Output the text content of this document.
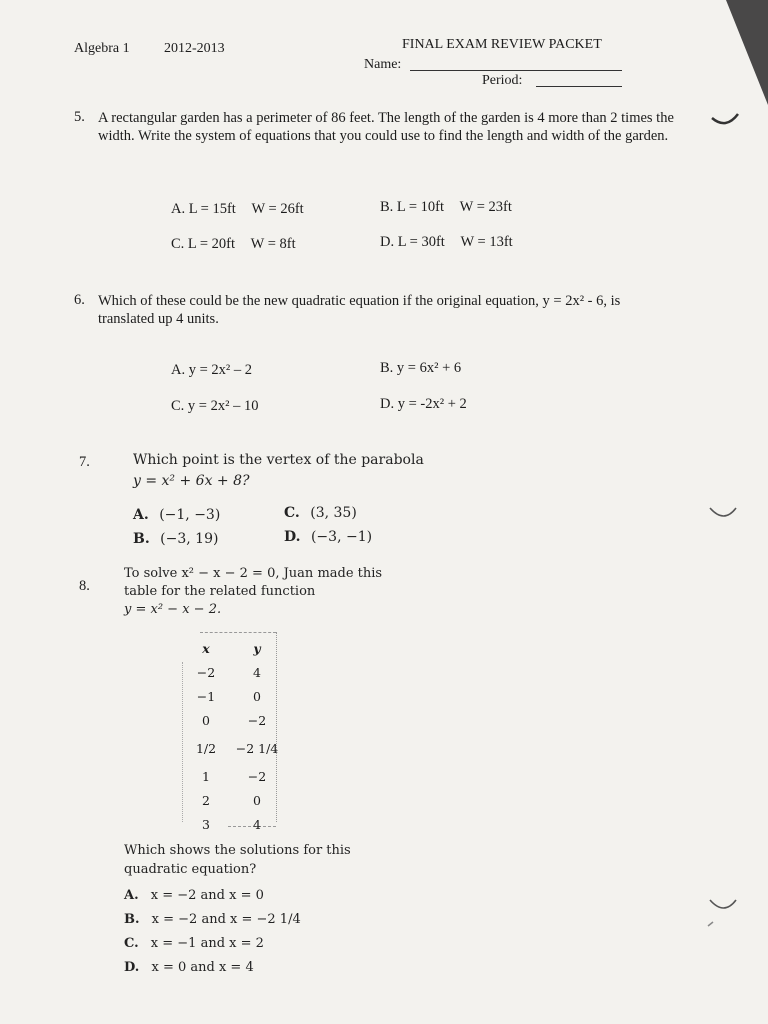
Algebra 1 2012-2013	FINAL EXAM REVIEW PACKET
Name:
Period:
5. A rectangular garden has a perimeter of 86 feet. The length of the garden is 4 more than 2 times the width. Write the system of equations that you could use to find the length and width of the garden.
A. L = 15ft W = 26ft	B. L = 10ft W = 23ft
C. L = 20ft W = 8ft	D. L = 30ft W = 13ft
6. Which of these could be the new quadratic equation if the original equation, y = 2x² - 6, is translated up 4 units.
A. y = 2x² – 2	B. y = 6x² + 6
C. y = 2x² – 10	D. y = -2x² + 2
7.	Which point is the vertex of the parabola
y = x² + 6x + 8?
A. (−1, −3)	C. (3, 35)
B. (−3, 19)	D. (−3, −1)
8.
To solve x² − x − 2 = 0, Juan made this
table for the related function
y = x² − x − 2.
x	y
−2	4
−1	0
0	−2
1/2	−2 1/4
1	−2
2	0
3	4
Which shows the solutions for this
quadratic equation?
A. x = −2 and x = 0
B. x = −2 and x = −2 1/4
C. x = −1 and x = 2
D. x = 0 and x = 4
